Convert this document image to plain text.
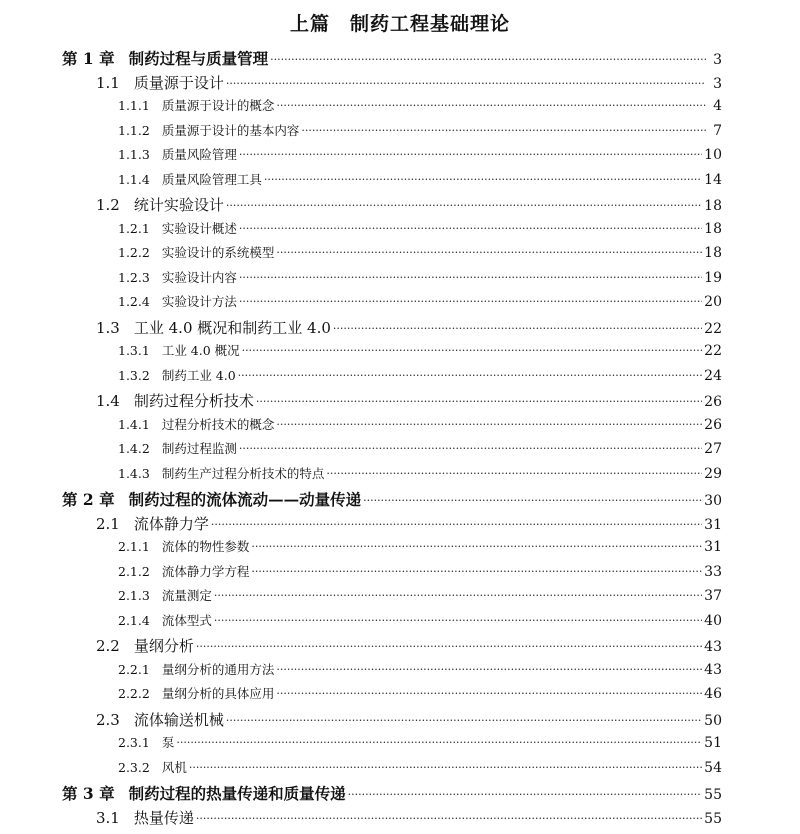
上篇　制药工程基础理论
第 1 章 制药过程与质量管理 ·····	3
1.1 质量源于设计 ·····	3
1.1.1 质量源于设计的概念 ·····	4
1.1.2 质量源于设计的基本内容 ·····	7
1.1.3 质量风险管理 ·····	10
1.1.4 质量风险管理工具 ·····	14
1.2 统计实验设计 ·····	18
1.2.1 实验设计概述 ·····	18
1.2.2 实验设计的系统模型 ·····	18
1.2.3 实验设计内容 ·····	19
1.2.4 实验设计方法 ·····	20
1.3 工业 4.0 概况和制药工业 4.0 ·····	22
1.3.1 工业 4.0 概况 ·····	22
1.3.2 制药工业 4.0 ·····	24
1.4 制药过程分析技术 ·····	26
1.4.1 过程分析技术的概念 ·····	26
1.4.2 制药过程监测 ·····	27
1.4.3 制药生产过程分析技术的特点 ·····	29
第 2 章 制药过程的流体流动——动量传递 ·····	30
2.1 流体静力学 ·····	31
2.1.1 流体的物性参数 ·····	31
2.1.2 流体静力学方程 ·····	33
2.1.3 流量测定 ·····	37
2.1.4 流体型式 ·····	40
2.2 量纲分析 ·····	43
2.2.1 量纲分析的通用方法 ·····	43
2.2.2 量纲分析的具体应用 ·····	46
2.3 流体输送机械 ·····	50
2.3.1 泵 ·····	51
2.3.2 风机 ·····	54
第 3 章 制药过程的热量传递和质量传递 ·····	55
3.1 热量传递 ·····	55
